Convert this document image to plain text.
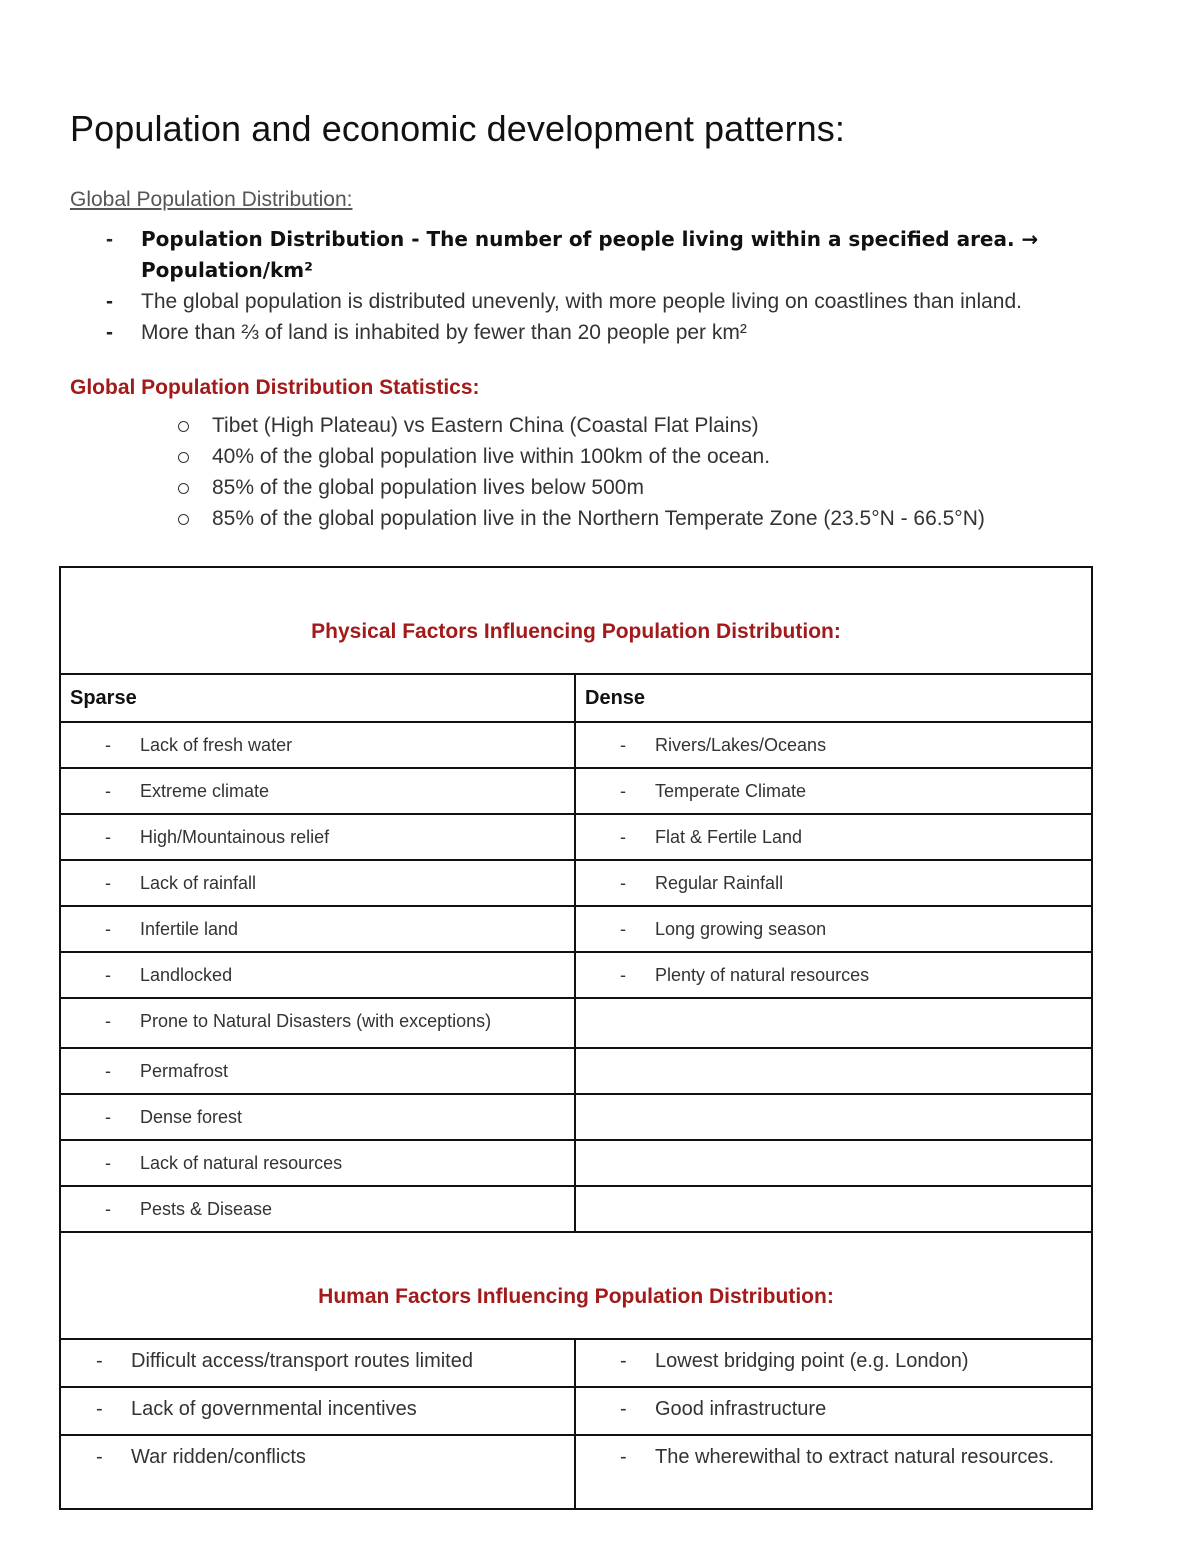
Population and economic development patterns:
Global Population Distribution:
- Population Distribution - The number of people living within a specified area. → Population/km²
- The global population is distributed unevenly, with more people living on coastlines than inland.
- More than ⅔ of land is inhabited by fewer than 20 people per km²
Global Population Distribution Statistics:
Tibet (High Plateau) vs Eastern China (Coastal Flat Plains)
40% of the global population live within 100km of the ocean.
85% of the global population lives below 500m
85% of the global population live in the Northern Temperate Zone (23.5°N - 66.5°N)
Physical Factors Influencing Population Distribution:	
Sparse	Dense

- Lack of fresh water	- Rivers/Lakes/Oceans

- Extreme climate	- Temperate Climate

- High/Mountainous relief	- Flat & Fertile Land

- Lack of rainfall	- Regular Rainfall

- Infertile land	- Long growing season

- Landlocked	- Plenty of natural resources

- Prone to Natural Disasters (with exceptions)	

- Permafrost	

- Dense forest	

- Lack of natural resources	

- Pests & Disease	

Human Factors Influencing Population Distribution:	

- Difficult access/transport routes limited	- Lowest bridging point (e.g. London)

- Lack of governmental incentives	- Good infrastructure

- War ridden/conflicts	- The wherewithal to extract natural resources.
